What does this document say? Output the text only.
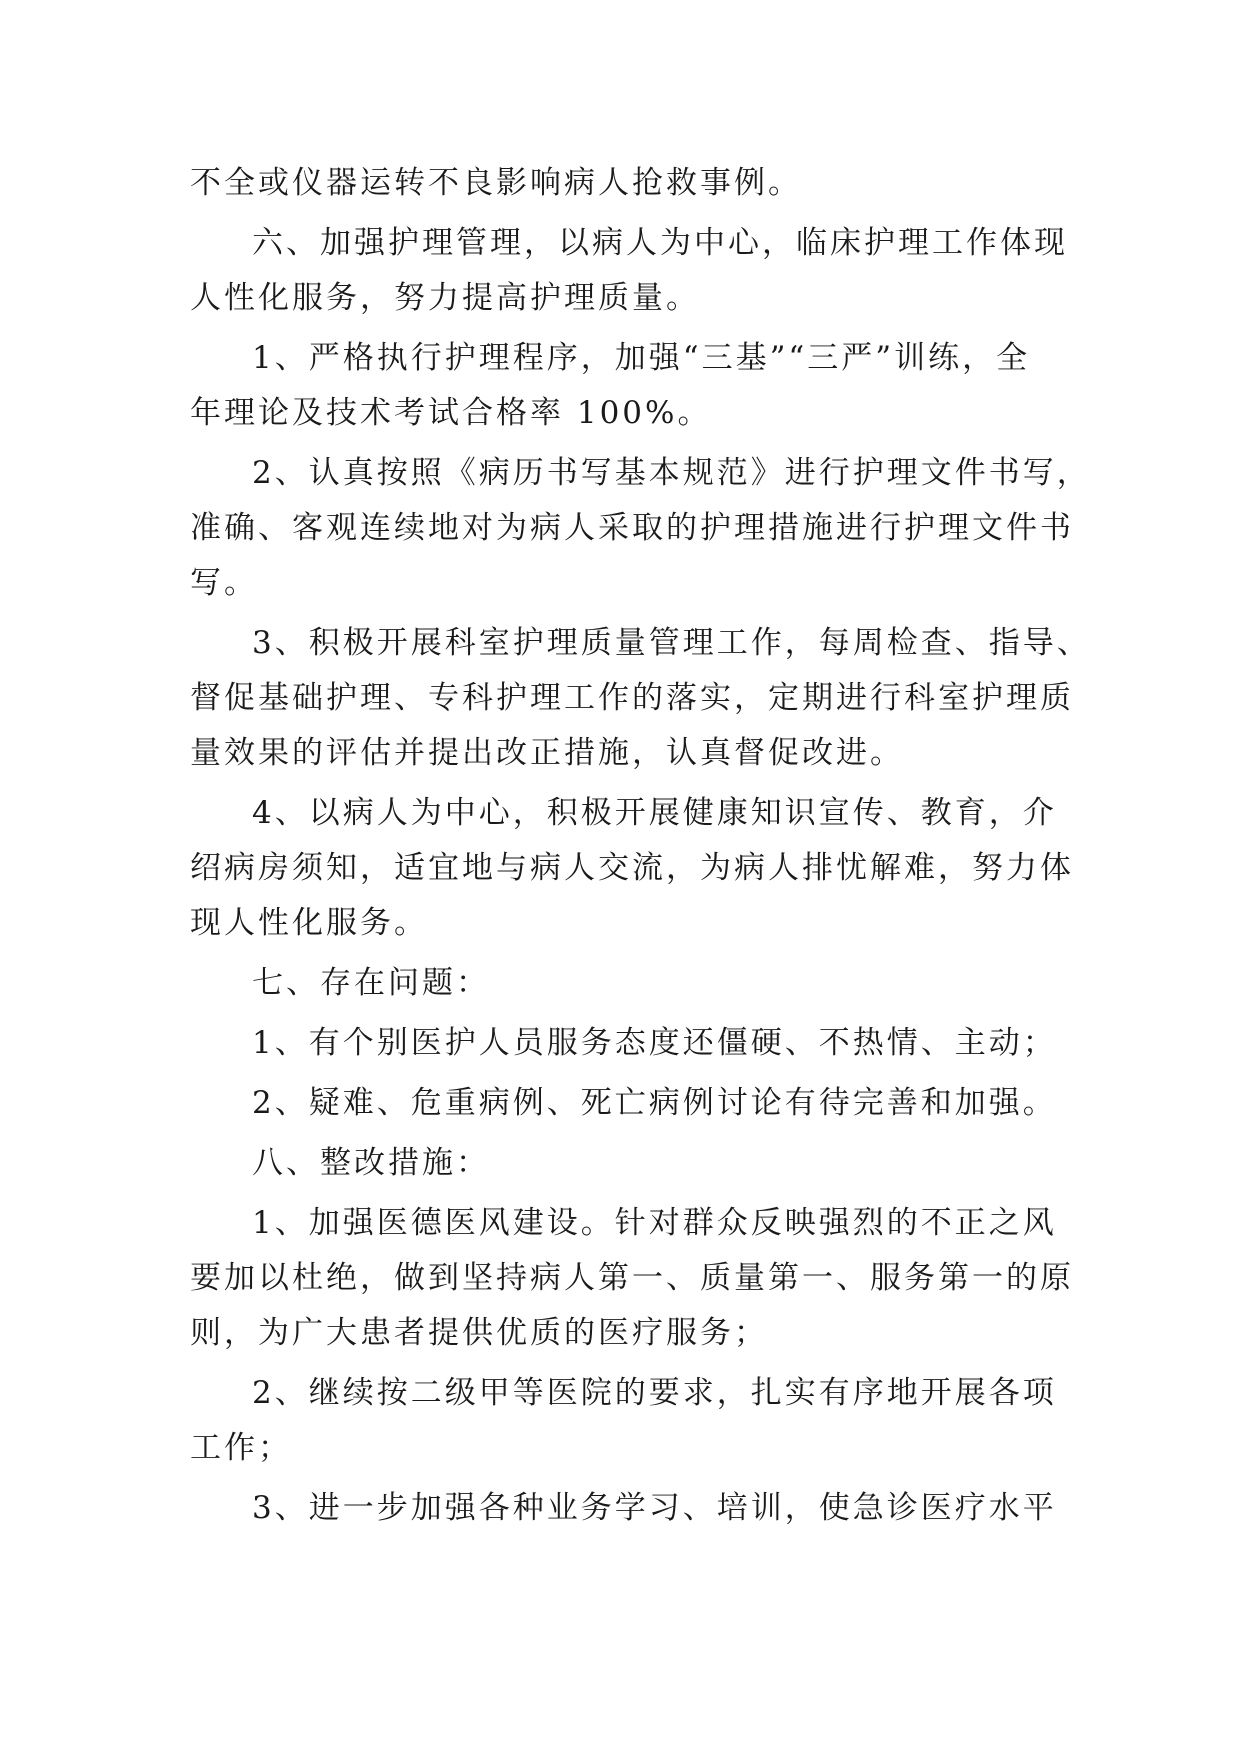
不全或仪器运转不良影响病人抢救事例。
六、加强护理管理，以病人为中心，临床护理工作体现
人性化服务，努力提高护理质量。
1、严格执行护理程序，加强“三基”“三严”训练，全
年理论及技术考试合格率 100%。
2、认真按照《病历书写基本规范》进行护理文件书写，
准确、客观连续地对为病人采取的护理措施进行护理文件书
写。
3、积极开展科室护理质量管理工作，每周检查、指导、
督促基础护理、专科护理工作的落实，定期进行科室护理质
量效果的评估并提出改正措施，认真督促改进。
4、以病人为中心，积极开展健康知识宣传、教育，介
绍病房须知，适宜地与病人交流，为病人排忧解难，努力体
现人性化服务。
七、存在问题：
1、有个别医护人员服务态度还僵硬、不热情、主动；
2、疑难、危重病例、死亡病例讨论有待完善和加强。
八、整改措施：
1、加强医德医风建设。针对群众反映强烈的不正之风
要加以杜绝，做到坚持病人第一、质量第一、服务第一的原
则，为广大患者提供优质的医疗服务；
2、继续按二级甲等医院的要求，扎实有序地开展各项
工作；
3、进一步加强各种业务学习、培训，使急诊医疗水平
